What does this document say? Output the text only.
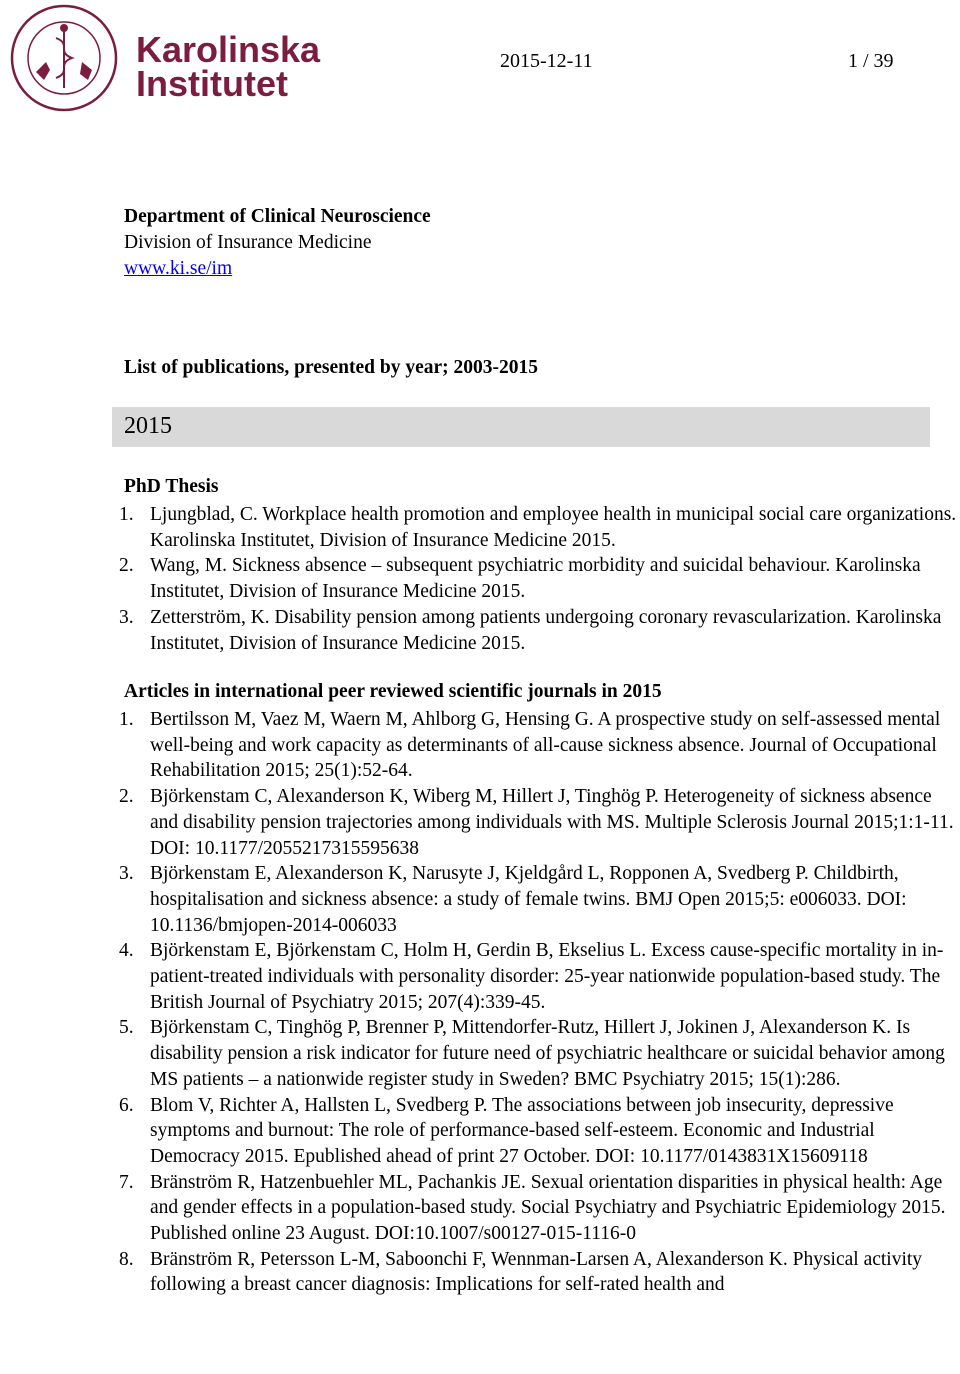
Karolinska
Institutet
2015-12-11	1 / 39
Department of Clinical Neuroscience
Division of Insurance Medicine
www.ki.se/im
List of publications, presented by year; 2003-2015
2015
PhD Thesis
1. Ljungblad, C. Workplace health promotion and employee health in municipal social care organizations. Karolinska Institutet, Division of Insurance Medicine 2015.
2. Wang, M. Sickness absence – subsequent psychiatric morbidity and suicidal behaviour. Karolinska Institutet, Division of Insurance Medicine 2015.
3. Zetterström, K. Disability pension among patients undergoing coronary revascularization. Karolinska Institutet, Division of Insurance Medicine 2015.
Articles in international peer reviewed scientific journals in 2015
1. Bertilsson M, Vaez M, Waern M, Ahlborg G, Hensing G. A prospective study on self-assessed mental well-being and work capacity as determinants of all-cause sickness absence. Journal of Occupational Rehabilitation 2015; 25(1):52-64.
2. Björkenstam C, Alexanderson K, Wiberg M, Hillert J, Tinghög P. Heterogeneity of sickness absence and disability pension trajectories among individuals with MS. Multiple Sclerosis Journal 2015;1:1-11. DOI: 10.1177/2055217315595638
3. Björkenstam E, Alexanderson K, Narusyte J, Kjeldgård L, Ropponen A, Svedberg P. Childbirth, hospitalisation and sickness absence: a study of female twins. BMJ Open 2015;5: e006033. DOI: 10.1136/bmjopen-2014-006033
4. Björkenstam E, Björkenstam C, Holm H, Gerdin B, Ekselius L. Excess cause-specific mortality in in-patient-treated individuals with personality disorder: 25-year nationwide population-based study. The British Journal of Psychiatry 2015; 207(4):339-45.
5. Björkenstam C, Tinghög P, Brenner P, Mittendorfer-Rutz, Hillert J, Jokinen J, Alexanderson K. Is disability pension a risk indicator for future need of psychiatric healthcare or suicidal behavior among MS patients – a nationwide register study in Sweden? BMC Psychiatry 2015; 15(1):286.
6. Blom V, Richter A, Hallsten L, Svedberg P. The associations between job insecurity, depressive symptoms and burnout: The role of performance-based self-esteem. Economic and Industrial Democracy 2015. Epublished ahead of print 27 October. DOI: 10.1177/0143831X15609118
7. Bränström R, Hatzenbuehler ML, Pachankis JE. Sexual orientation disparities in physical health: Age and gender effects in a population-based study. Social Psychiatry and Psychiatric Epidemiology 2015. Published online 23 August. DOI:10.1007/s00127-015-1116-0
8. Bränström R, Petersson L-M, Saboonchi F, Wennman-Larsen A, Alexanderson K. Physical activity following a breast cancer diagnosis: Implications for self-rated health and
